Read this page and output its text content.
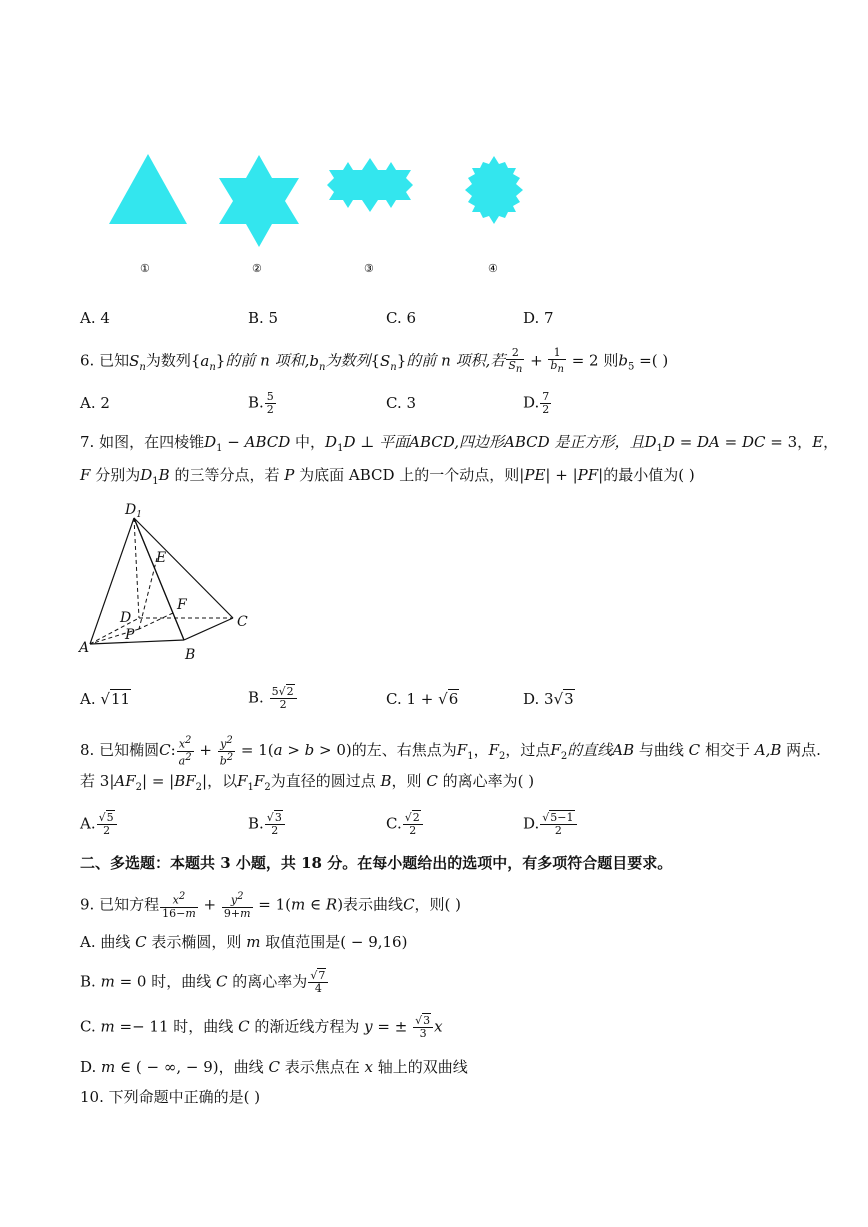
①	②	③	④
A. 4	B. 5	C. 6	D. 7
6. 已知$S_n$为数列$\{a_n\}$的前 n 项和$,b_n$为数列$\{S_n\}$的前 n 项积,若 $\frac{2}{S_n} + \frac{1}{b_n} = 2$ 则$b_5$ =( )
A. 2	B. $\frac{5}{2}$	C. 3	D. $\frac{7}{2}$
7. 如图，在四棱锥$D_1$ − ABCD 中，$D_1D$ ⊥ 平面ABCD,四边形ABCD 是正方形，且$D_1D$ = DA = DC = 3，E，
F 分别为$D_1B$ 的三等分点，若 P 为底面 ABCD 上的一个动点，则|PE| + |PF|的最小值为( )
$D_1$
E
F
D
P
A	B
C
A. √11	B. $\frac{5√2}{2}$	C. 1 + √6	D. 3√3
8. 已知椭圆C: $\frac{x^2}{a^2} + \frac{y^2}{b^2} = 1(a > b > 0)$的左、右焦点为$F_1$，$F_2$，过点$F_2$的直线AB 与曲线 C 相交于 A,B 两点.
若 $3|AF_2| = |BF_2|$，以$F_1F_2$为直径的圆过点 B，则 C 的离心率为( )
A. $\frac{√5}{2}$	B. $\frac{√3}{2}$	C. $\frac{√2}{2}$	D. $\frac{√5-1}{2}$
二、多选题：本题共 3 小题，共 18 分。在每小题给出的选项中，有多项符合题目要求。
9. 已知方程 $\frac{x^2}{16-m} + \frac{y^2}{9+m} = 1(m$ ∈ R)表示曲线C，则( )
A. 曲线 C 表示椭圆，则 m 取值范围是( − 9,16)
B. m = 0 时，曲线 C 的离心率为 $\frac{√7}{4}$
C. m =− 11 时，曲线 C 的渐近线方程为 y = ± $\frac{√3}{3}$ x
D. m ∈ ( − ∞, − 9)，曲线 C 表示焦点在 x 轴上的双曲线
10. 下列命题中正确的是( )
